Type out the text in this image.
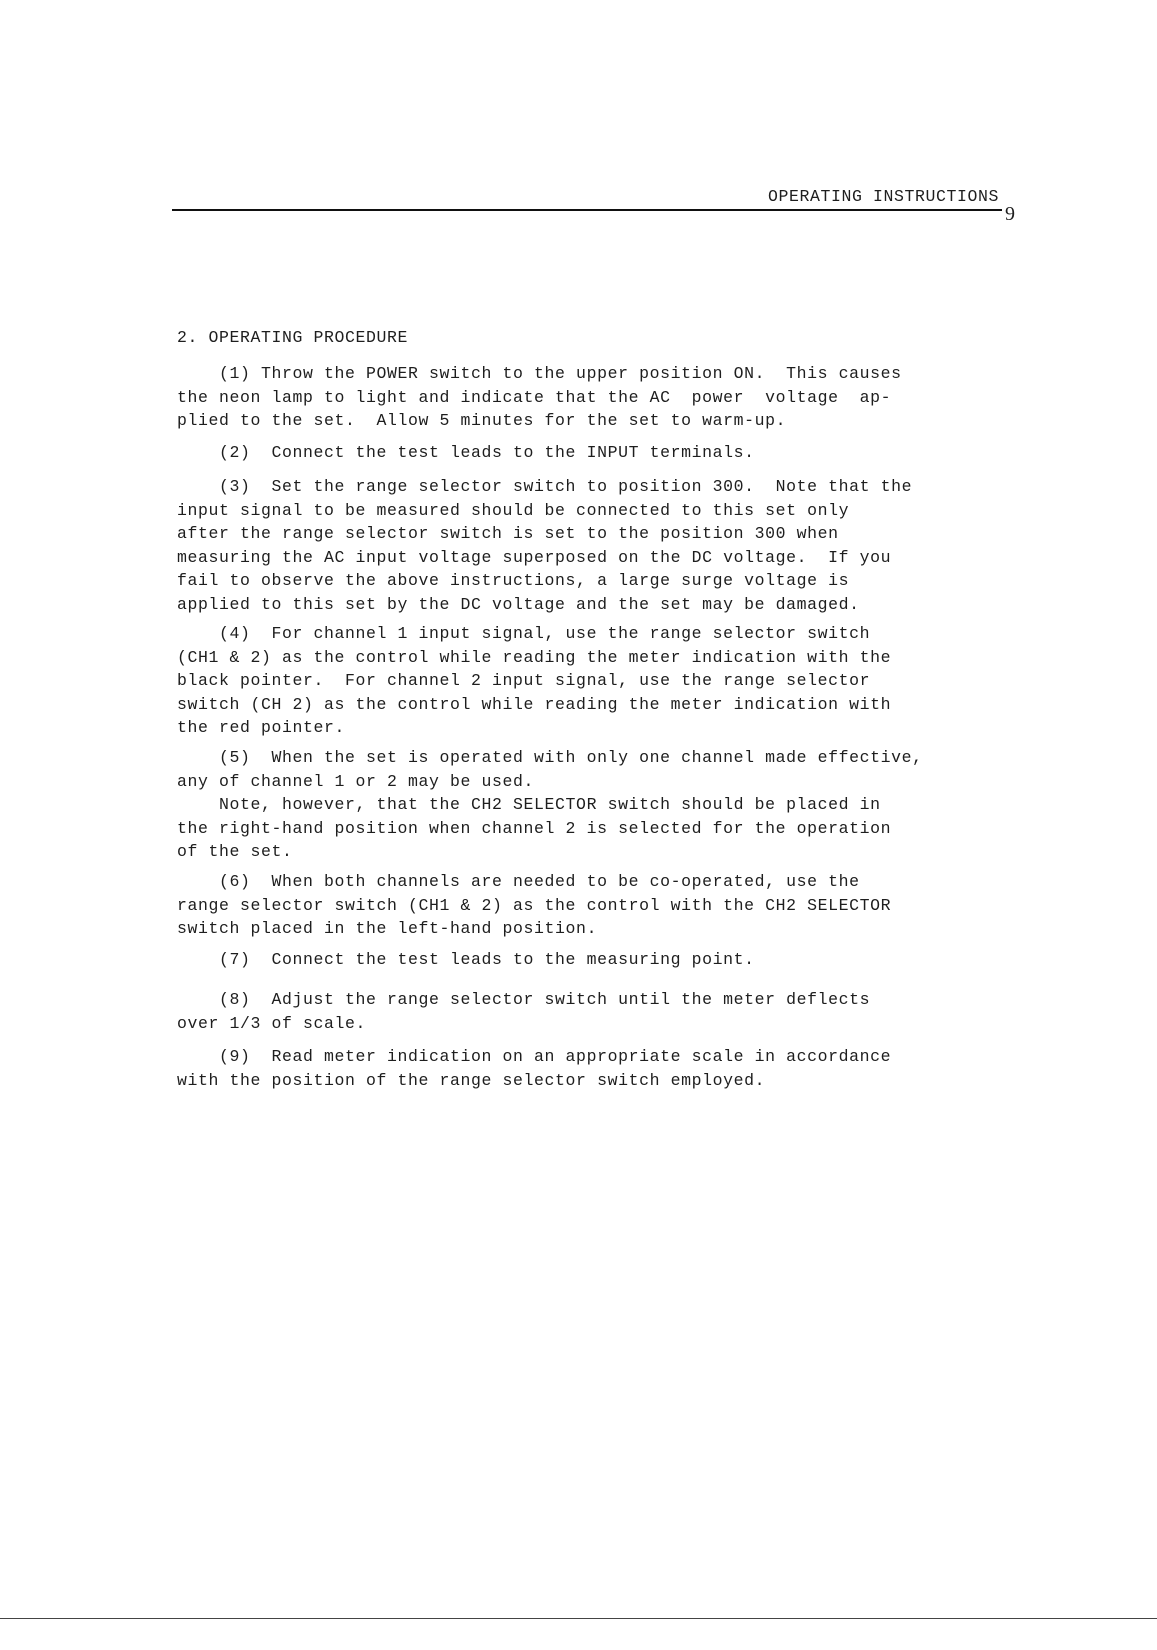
OPERATING INSTRUCTIONS
9
2. OPERATING PROCEDURE
(1) Throw the POWER switch to the upper position ON.  This causes
the neon lamp to light and indicate that the AC  power  voltage  ap-
plied to the set.  Allow 5 minutes for the set to warm-up.
(2)  Connect the test leads to the INPUT terminals.
(3)  Set the range selector switch to position 300.  Note that the
input signal to be measured should be connected to this set only
after the range selector switch is set to the position 300 when
measuring the AC input voltage superposed on the DC voltage.  If you
fail to observe the above instructions, a large surge voltage is
applied to this set by the DC voltage and the set may be damaged.
(4)  For channel 1 input signal, use the range selector switch
(CH1 & 2) as the control while reading the meter indication with the
black pointer.  For channel 2 input signal, use the range selector
switch (CH 2) as the control while reading the meter indication with
the red pointer.
(5)  When the set is operated with only one channel made effective,
any of channel 1 or 2 may be used.
Note, however, that the CH2 SELECTOR switch should be placed in
the right-hand position when channel 2 is selected for the operation
of the set.
(6)  When both channels are needed to be co-operated, use the
range selector switch (CH1 & 2) as the control with the CH2 SELECTOR
switch placed in the left-hand position.
(7)  Connect the test leads to the measuring point.
(8)  Adjust the range selector switch until the meter deflects
over 1/3 of scale.
(9)  Read meter indication on an appropriate scale in accordance
with the position of the range selector switch employed.
